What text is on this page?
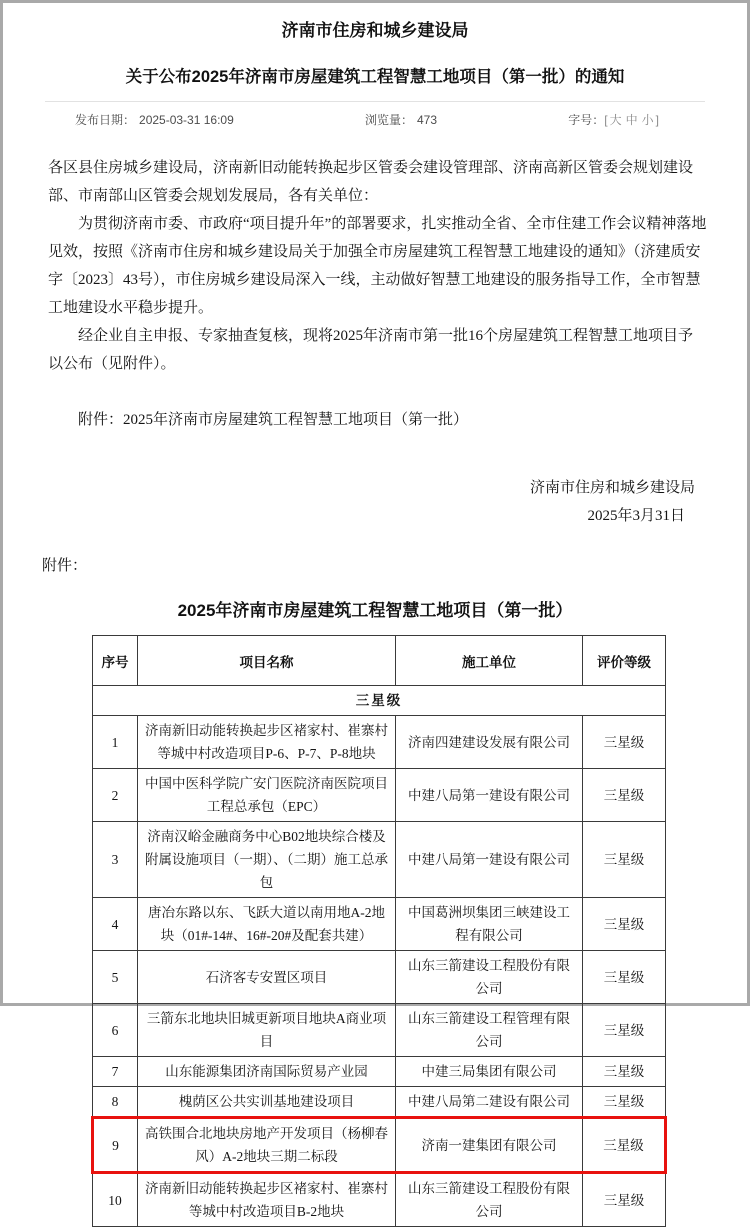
济南市住房和城乡建设局
关于公布2025年济南市房屋建筑工程智慧工地项目（第一批）的通知
发布日期： 2025-03-31 16:09	浏览量： 473	字号：[ 大 中 小 ]

各区县住房城乡建设局，济南新旧动能转换起步区管委会建设管理部、济南高新区管委会规划建设部、市南部山区管委会规划发展局，各有关单位：

为贯彻济南市委、市政府“项目提升年”的部署要求，扎实推动全省、全市住建工作会议精神落地见效，按照《济南市住房和城乡建设局关于加强全市房屋建筑工程智慧工地建设的通知》（济建质安字〔2023〕43号），市住房城乡建设局深入一线，主动做好智慧工地建设的服务指导工作，全市智慧工地建设水平稳步提升。

经企业自主申报、专家抽查复核，现将2025年济南市第一批16个房屋建筑工程智慧工地项目予以公布（见附件）。

附件：2025年济南市房屋建筑工程智慧工地项目（第一批）

济南市住房和城乡建设局

2025年3月31日

附件：

2025年济南市房屋建筑工程智慧工地项目（第一批）
序号	项目名称	施工单位	评价等级
三星级			
1	济南新旧动能转换起步区褚家村、崔寨村等城中村改造项目P-6、P-7、P-8地块	济南四建建设发展有限公司	三星级
2	中国中医科学院广安门医院济南医院项目工程总承包（EPC）	中建八局第一建设有限公司	三星级
3	济南汉峪金融商务中心B02地块综合楼及附属设施项目（一期）、（二期）施工总承包	中建八局第一建设有限公司	三星级
4	唐冶东路以东、飞跃大道以南用地A-2地块（01#-14#、16#-20#及配套共建）	中国葛洲坝集团三峡建设工程有限公司	三星级
5	石济客专安置区项目	山东三箭建设工程股份有限公司	三星级
6	三箭东北地块旧城更新项目地块A商业项目	山东三箭建设工程管理有限公司	三星级
7	山东能源集团济南国际贸易产业园	中建三局集团有限公司	三星级
8	槐荫区公共实训基地建设项目	中建八局第二建设有限公司	三星级
9	高铁围合北地块房地产开发项目（杨柳春风）A-2地块三期二标段	济南一建集团有限公司	三星级
10	济南新旧动能转换起步区褚家村、崔寨村等城中村改造项目B-2地块	山东三箭建设工程股份有限公司	三星级
